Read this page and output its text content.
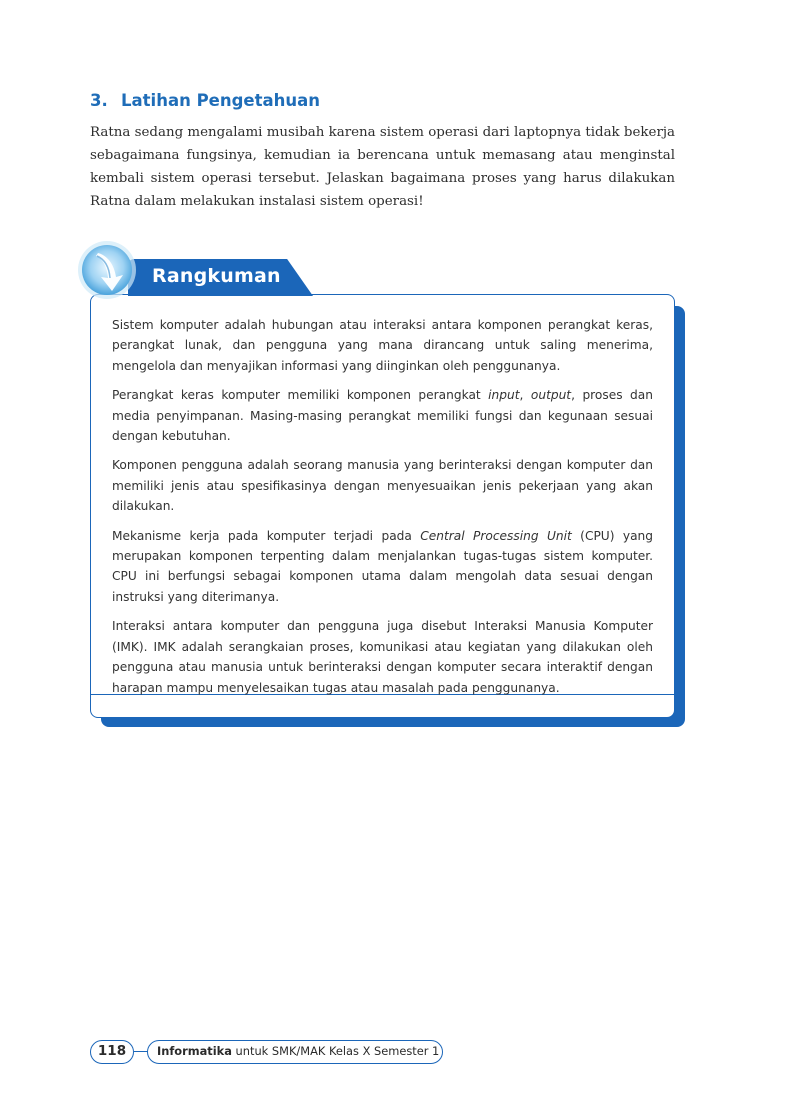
3. Latihan Pengetahuan

Ratna sedang mengalami musibah karena sistem operasi dari laptopnya tidak bekerja sebagaimana fungsinya, kemudian ia berencana untuk memasang atau menginstal kembali sistem operasi tersebut. Jelaskan bagaimana proses yang harus dilakukan Ratna dalam melakukan instalasi sistem operasi!

Rangkuman

Sistem komputer adalah hubungan atau interaksi antara komponen perangkat keras, perangkat lunak, dan pengguna yang mana dirancang untuk saling menerima, mengelola dan menyajikan informasi yang diinginkan oleh penggunanya.

Perangkat keras komputer memiliki komponen perangkat input, output, proses dan media penyimpanan. Masing-masing perangkat memiliki fungsi dan kegunaan sesuai dengan kebutuhan.

Komponen pengguna adalah seorang manusia yang berinteraksi dengan komputer dan memiliki jenis atau spesifikasinya dengan menyesuaikan jenis pekerjaan yang akan dilakukan.

Mekanisme kerja pada komputer terjadi pada Central Processing Unit (CPU) yang merupakan komponen terpenting dalam menjalankan tugas-tugas sistem komputer. CPU ini berfungsi sebagai komponen utama dalam mengolah data sesuai dengan instruksi yang diterimanya.

Interaksi antara komputer dan pengguna juga disebut Interaksi Manusia Komputer (IMK). IMK adalah serangkaian proses, komunikasi atau kegiatan yang dilakukan oleh pengguna atau manusia untuk berinteraksi dengan komputer secara interaktif dengan harapan mampu menyelesaikan tugas atau masalah pada penggunanya.

118	Informatika untuk SMK/MAK Kelas X Semester 1
